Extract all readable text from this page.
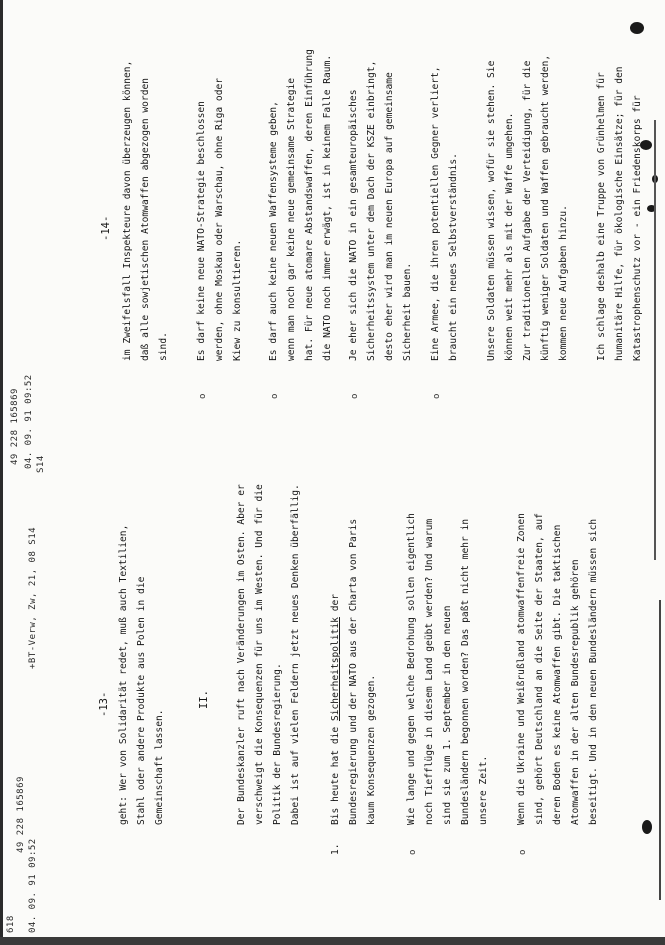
49 228 165869
04. 09. 91 09:52
618
+BT-Verw, Zw, 21, 08 S14
-13- geht: Wer von Solidarität redet, muß auch Textilien, Stahl oder andere Produkte aus Polen in die Gemeinschaft lassen.
II.	Der Bundeskanzler ruft nach Veränderungen im Osten. Aber er verschweigt die Konsequenzen für uns im Westen. Und für die Politik der Bundesregierung. Dabei ist auf vielen Feldern jetzt neues Denken überfällig.
1.
Bis heute hat die Sicherheitspolitik der Bundesregierung und der NATO aus der Charta von Paris kaum Konsequenzen gezogen.
o
Wie lange und gegen welche Bedrohung sollen eigentlich noch Tiefflüge in diesem Land geübt werden? Und warum sind sie zum 1. September in den neuen Bundesländern begonnen worden? Das paßt nicht mehr in unsere Zeit.
o
Wenn die Ukraine und Weißrußland atomwaffenfreie Zonen sind, gehört Deutschland an die Seite der Staaten, auf deren Boden es keine Atomwaffen gibt. Die taktischen Atomwaffen in der alten Bundesrepublik gehören beseitigt. Und in den neuen Bundesländern müssen sich
49 228 165869 04. 09. 91 09:52 S14
-14- im Zweifelsfall Inspekteure davon überzeugen können, daß alle sowjetischen Atomwaffen abgezogen worden sind.
o
Es darf keine neue NATO-Strategie beschlossen werden, ohne Moskau oder Warschau, ohne Riga oder Kiew zu konsultieren.
o
Es darf auch keine neuen Waffensysteme geben, wenn man noch gar keine neue gemeinsame Strategie hat. Für neue atomare Abstandswaffen, deren Einführung die NATO noch immer erwägt, ist in keinem Falle Raum.
o
Je eher sich die NATO in ein gesamteuropäisches Sicherheitssystem unter dem Dach der KSZE einbringt, desto eher wird man im neuen Europa auf gemeinsame Sicherheit bauen.
o
Eine Armee, die ihren potentiellen Gegner verliert, braucht ein neues Selbstverständnis.	Unsere Soldaten müssen wissen, wofür sie stehen. Sie können weit mehr als mit der Waffe umgehen. Zur traditionellen Aufgabe der Verteidigung, für die künftig weniger Soldaten und Waffen gebraucht werden, kommen neue Aufgaben hinzu.	Ich schlage deshalb eine Truppe von Grünhelmen für humanitäre Hilfe, für ökologische Einsätze; für den Katastrophenschutz vor - ein Friedenskorps für
